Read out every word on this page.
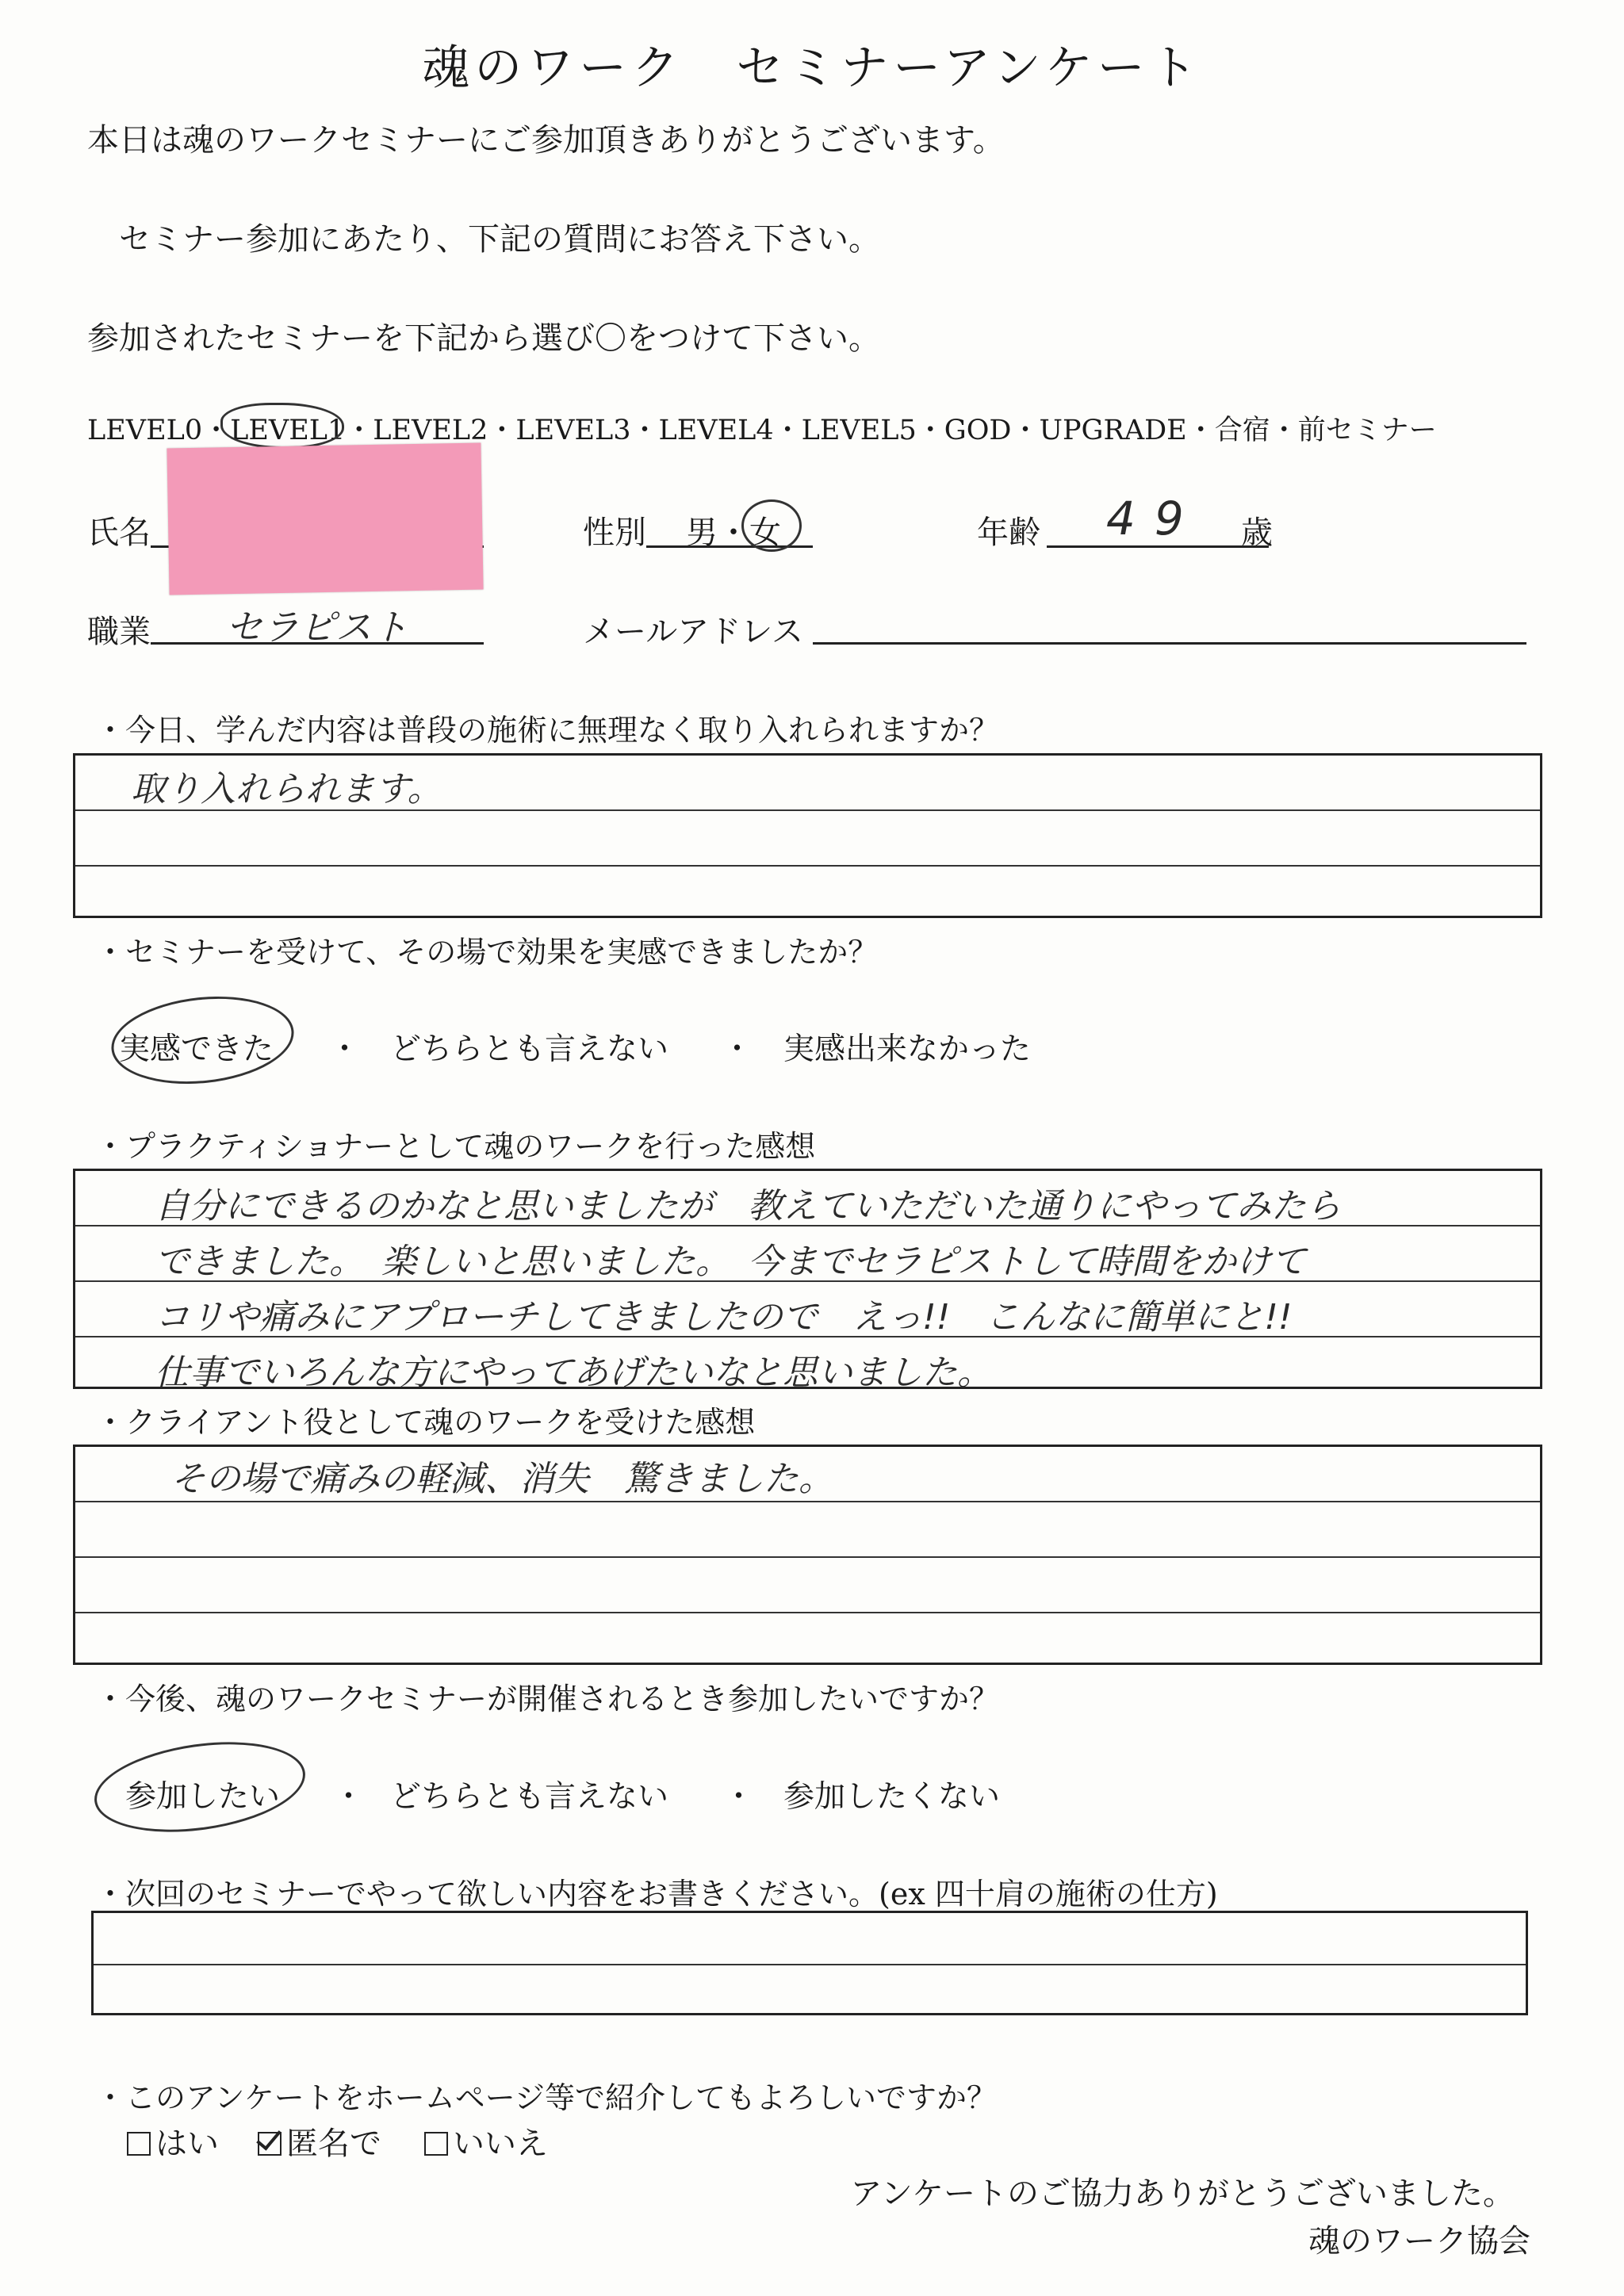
魂のワーク　セミナーアンケート
本日は魂のワークセミナーにご参加頂きありがとうございます。
セミナー参加にあたり、下記の質問にお答え下さい。
参加されたセミナーを下記から選び〇をつけて下さい。
LEVEL0・LEVEL1・LEVEL2・LEVEL3・LEVEL4・LEVEL5・GOD・UPGRADE・合宿・前セミナー
氏名	性別 男・女	年齢 49 歳
職業 セラピスト	メールアドレス
・今日、学んだ内容は普段の施術に無理なく取り入れられますか？
取り入れられます。
・セミナーを受けて、その場で効果を実感できましたか？
実感できた ・ どちらとも言えない ・ 実感出来なかった
・プラクティショナーとして魂のワークを行った感想
自分にできるのかなと思いましたが　教えていただいた通りにやってみたら
できました。　楽しいと思いました。　今までセラピストして時間をかけて
コリや痛みにアプローチしてきましたので　えっ!!　こんなに簡単にと!!
仕事でいろんな方にやってあげたいなと思いました。
・クライアント役として魂のワークを受けた感想
その場で痛みの軽減、消失　驚きました。
・今後、魂のワークセミナーが開催されるとき参加したいですか？
参加したい ・ どちらとも言えない ・ 参加したくない
・次回のセミナーでやって欲しい内容をお書きください。(ex 四十肩の施術の仕方)
・このアンケートをホームページ等で紹介してもよろしいですか？
はい	匿名で	いいえ
アンケートのご協力ありがとうございました。
魂のワーク協会
